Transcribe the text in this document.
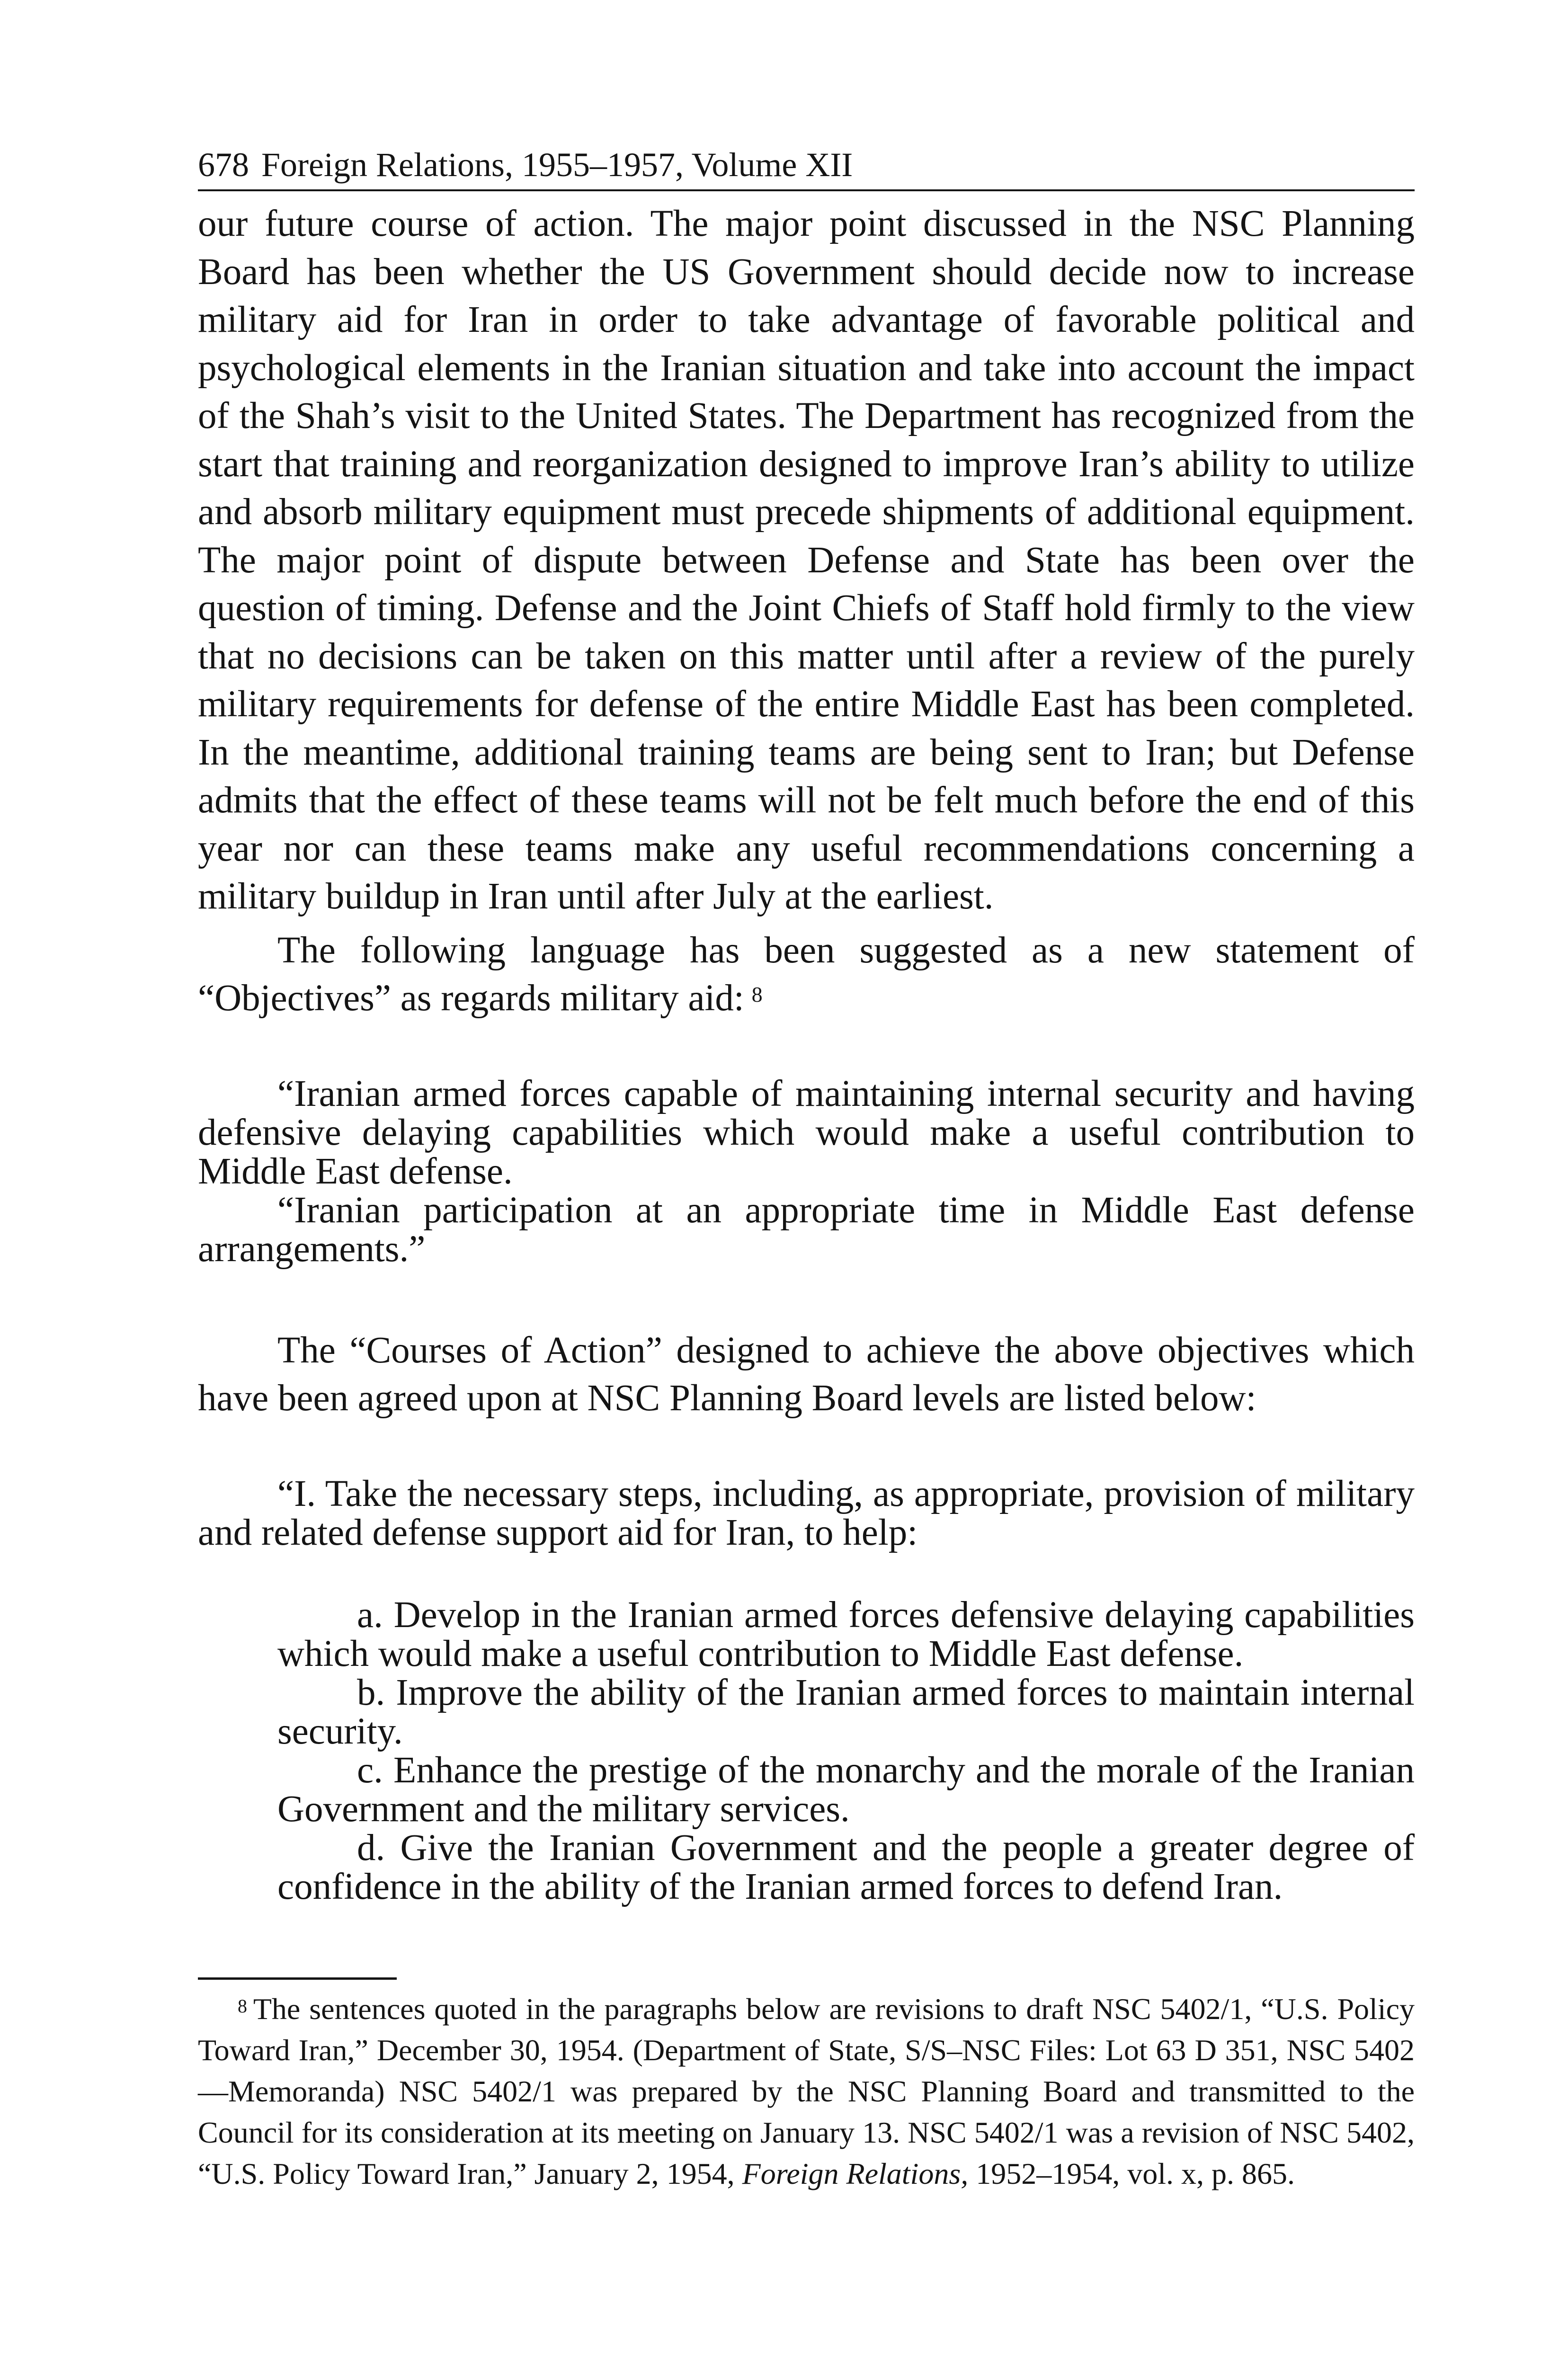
678 Foreign Relations, 1955–1957, Volume XII

our future course of action. The major point discussed in the NSC Planning Board has been whether the US Government should decide now to increase military aid for Iran in order to take advantage of favorable political and psychological elements in the Iranian situation and take into account the impact of the Shah’s visit to the United States. The Department has recognized from the start that training and reorganization designed to improve Iran’s ability to utilize and absorb military equipment must precede shipments of additional equipment. The major point of dispute between Defense and State has been over the question of timing. Defense and the Joint Chiefs of Staff hold firmly to the view that no decisions can be taken on this matter until after a review of the purely military requirements for defense of the entire Middle East has been completed. In the meantime, additional training teams are being sent to Iran; but Defense admits that the effect of these teams will not be felt much before the end of this year nor can these teams make any useful recommendations concerning a military buildup in Iran until after July at the earliest.

The following language has been suggested as a new statement of “Objectives” as regards military aid:  $^8$

“Iranian armed forces capable of maintaining internal security and having defensive delaying capabilities which would make a useful contribution to Middle East defense.

“Iranian participation at an appropriate time in Middle East defense arrangements.”

The “Courses of Action” designed to achieve the above objectives which have been agreed upon at NSC Planning Board levels are listed below:

“I. Take the necessary steps, including, as appropriate, provision of military and related defense support aid for Iran, to help:

a. Develop in the Iranian armed forces defensive delaying capabilities which would make a useful contribution to Middle East defense.

b. Improve the ability of the Iranian armed forces to maintain internal security.

c. Enhance the prestige of the monarchy and the morale of the Iranian Government and the military services.

d. Give the Iranian Government and the people a greater degree of confidence in the ability of the Iranian armed forces to defend Iran.

$^8$  The sentences quoted in the paragraphs below are revisions to draft NSC 5402/1, “U.S. Policy Toward Iran,” December 30, 1954. (Department of State, S/S–NSC Files: Lot 63 D 351, NSC 5402—Memoranda) NSC 5402/1 was prepared by the NSC Planning Board and transmitted to the Council for its consideration at its meeting on January 13. NSC 5402/1 was a revision of NSC 5402, “U.S. Policy Toward Iran,” January 2, 1954, Foreign Relations, 1952–1954, vol. x, p. 865.
